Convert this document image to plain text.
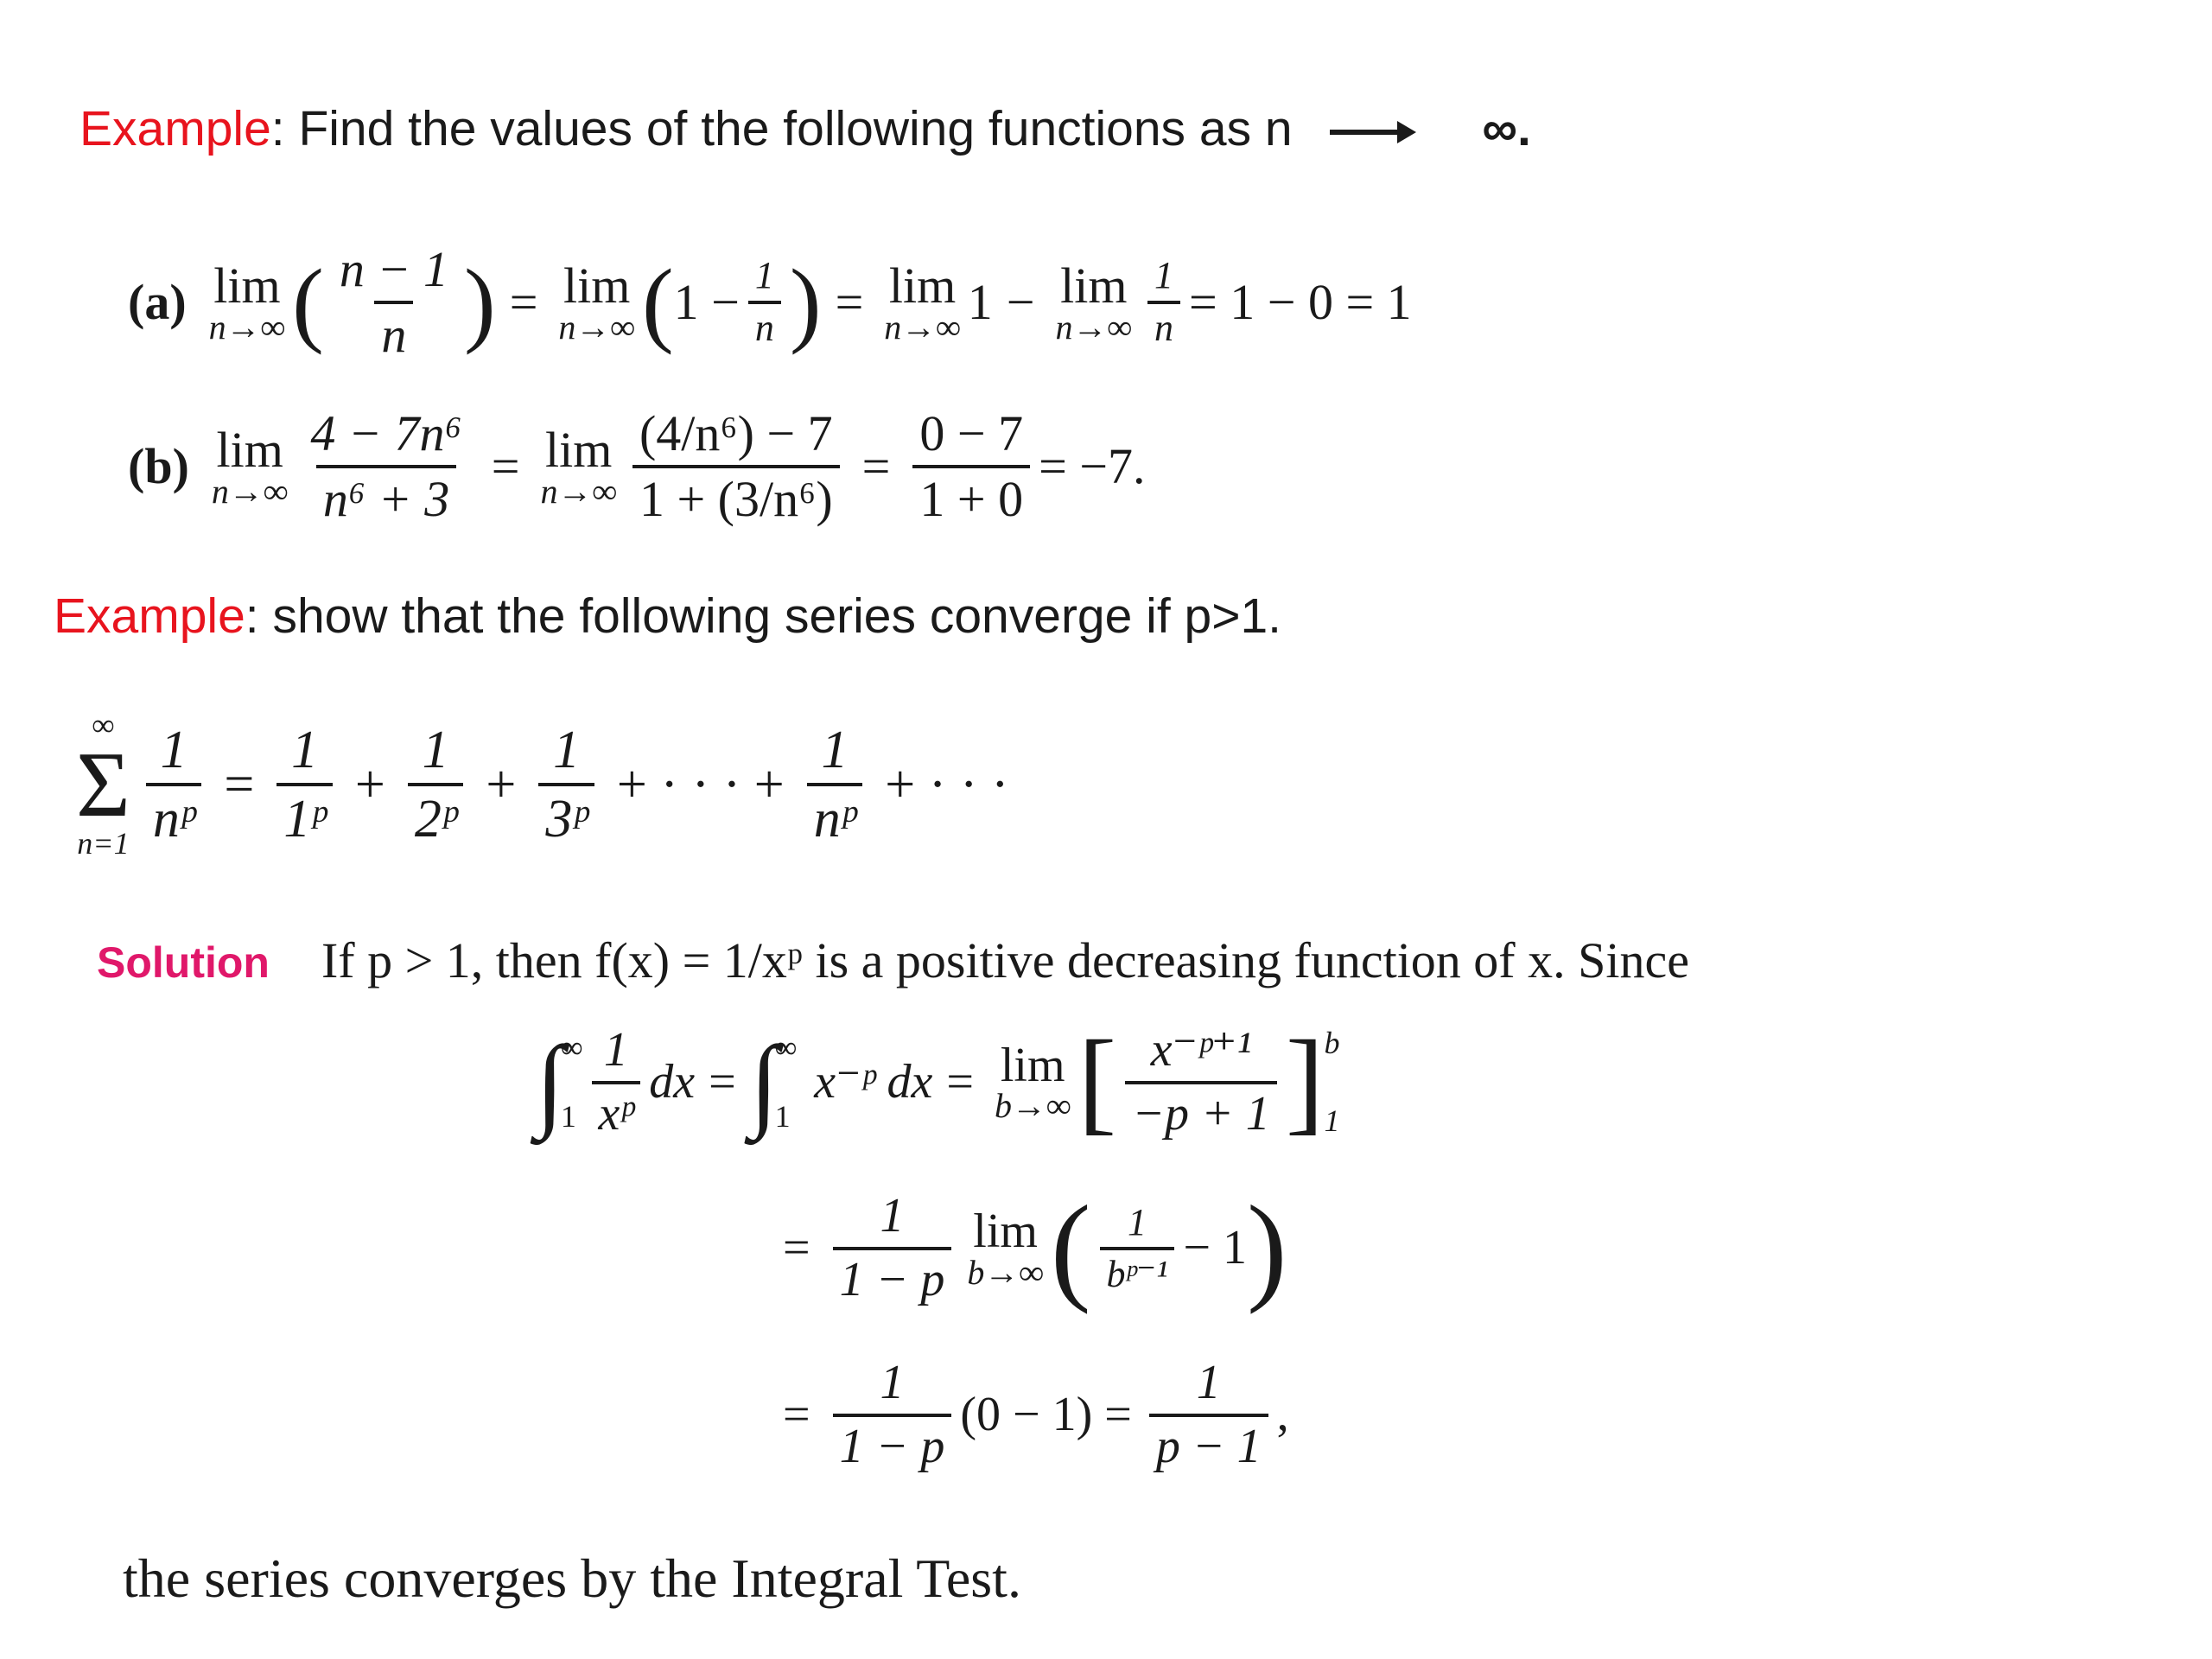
Example: Find the values of the following functions as n	∞.
(a) lim
n→∞ ( $\frac{n - 1}{n}$ ) = lim
n→∞ ( $1 - \frac{1}{n}$ ) = lim
n→∞ 1 − lim
$n\to\infty \frac{1}{n} = 1 - 0 = 1$
(b) lim
$n\to\infty \frac{\text{4 − 7n⁶}}{\text{n⁶ + 3}} = \lim$
$n\to\infty \frac{\text{(4/n⁶) − 7}}{\text{1 + (3/n⁶)}} = \frac{0 - 7}{1 + 0} = -7$.
Example: show that the following series converge if p>1.
∞
Σ
$n=1 \frac{1}{\text{nᵖ}} = \frac{1}{\text{1ᵖ}} + \frac{1}{\text{2ᵖ}} + \frac{1}{\text{3ᵖ}}$ + · · · + $\frac{1}{\text{nᵖ}}$ + · · ·
Solution If p > 1, then f(x) = 1/xᵖ is a positive decreasing function of x. Since
∫
∞
$1 \frac{1}{\text{xᵖ}}$ dx = ∫
∞
1
x⁻ᵖ dx = lim
b→∞ [ $\frac{\text{x⁻ᵖ⁺¹}}{-p + 1}$ ] b
1
= $\frac{1}{1 - p}$ lim
b→∞ ( $\frac{1}{\text{bᵖ⁻¹}} - 1$ )
= $\frac{1}{1 - p} (0 - 1) = \frac{1}{p - 1}$ ,
the series converges by the Integral Test.
